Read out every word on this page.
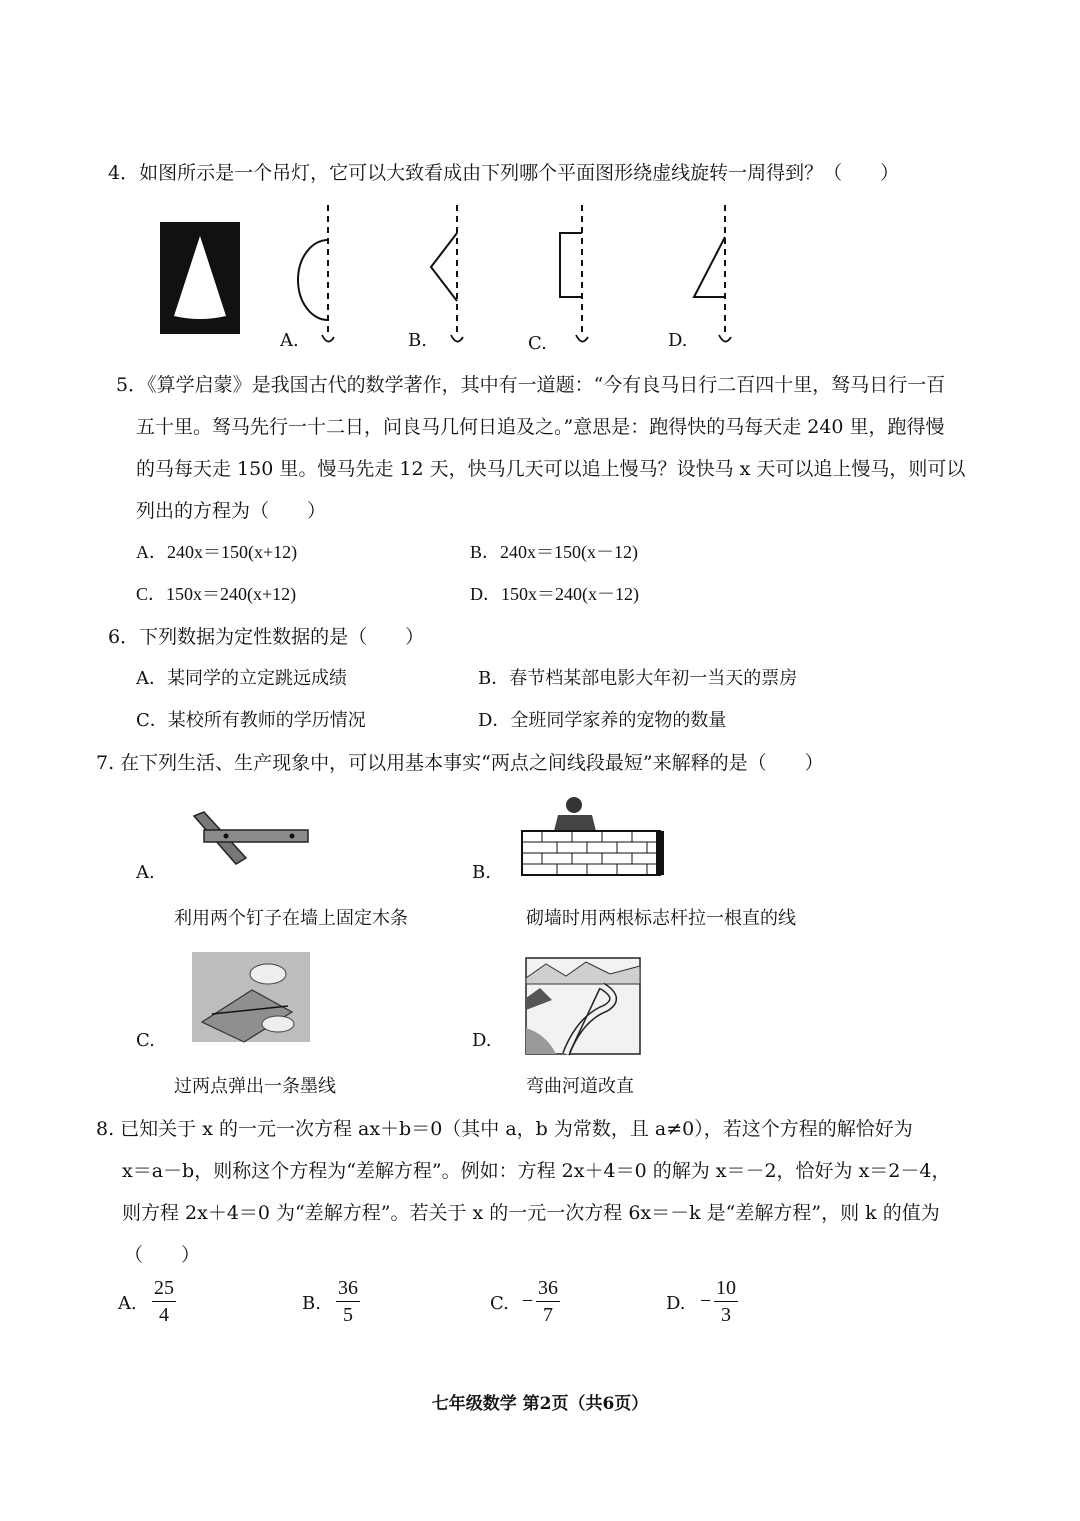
4．如图所示是一个吊灯，它可以大致看成由下列哪个平面图形绕虚线旋转一周得到？（　　）
A.	B.	C.	D.
5．《算学启蒙》是我国古代的数学著作，其中有一道题：“今有良马日行二百四十里，驽马日行一百
五十里。驽马先行一十二日，问良马几何日追及之。”意思是：跑得快的马每天走 240 里，跑得慢
的马每天走 150 里。慢马先走 12 天，快马几天可以追上慢马？设快马 x 天可以追上慢马，则可以
列出的方程为（　　）
A．240x＝150(x+12)	B．240x＝150(x－12)
C．150x＝240(x+12)	D．150x＝240(x－12)
6．下列数据为定性数据的是（　　）
A．某同学的立定跳远成绩	B．春节档某部电影大年初一当天的票房
C．某校所有教师的学历情况	D．全班同学家养的宠物的数量
7. 在下列生活、生产现象中，可以用基本事实“两点之间线段最短”来解释的是（　　）
A.
利用两个钉子在墙上固定木条
B.
砌墙时用两根标志杆拉一根直的线
C.
过两点弹出一条墨线
D.
弯曲河道改直
8. 已知关于 x 的一元一次方程 ax＋b＝0（其中 a，b 为常数，且 a≠0），若这个方程的解恰好为
x＝a－b，则称这个方程为“差解方程”。例如：方程 2x＋4＝0 的解为 x＝－2，恰好为 x＝2－4，
则方程 2x＋4＝0 为“差解方程”。若关于 x 的一元一次方程 6x＝－k 是“差解方程”，则 k 的值为
（　　）
A. $\frac{25}{4}$	B. $\frac{36}{5}$	C. − $\frac{36}{7}$	D. − $\frac{10}{3}$
七年级数学 第2页（共6页）
